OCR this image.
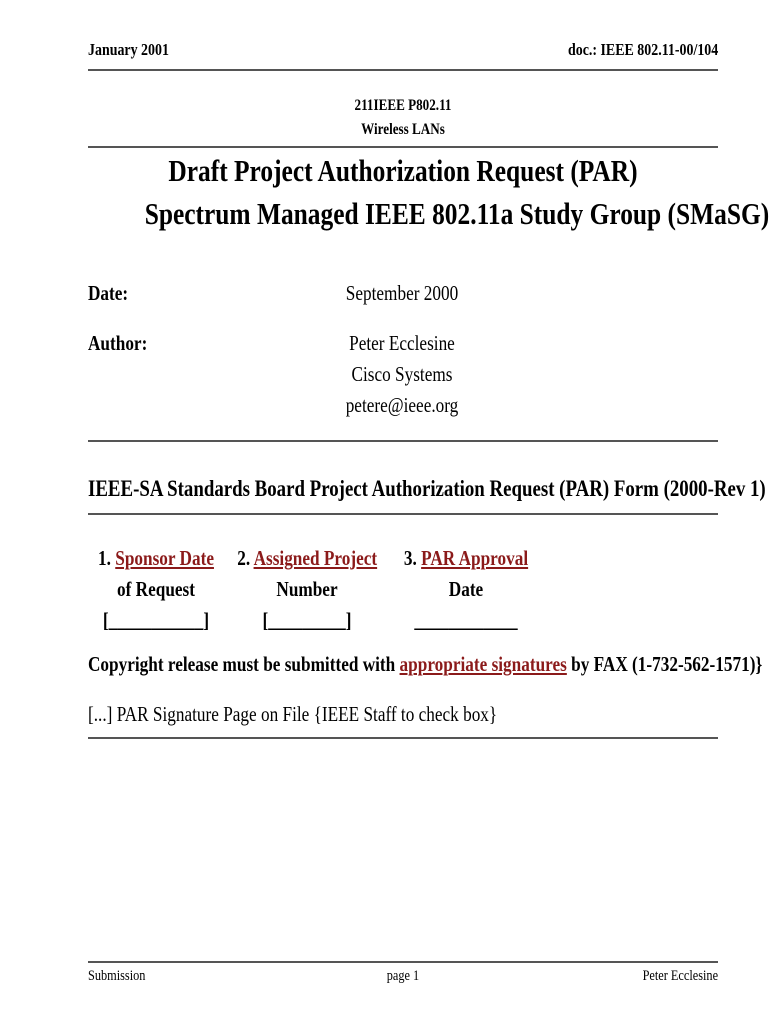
January 2001	doc.: IEEE 802.11-00/104
211IEEE P802.11
Wireless LANs
Draft Project Authorization Request (PAR)
Spectrum Managed IEEE 802.11a Study Group (SMaSG)
Date:	September 2000
Author:	Peter Ecclesine
Cisco Systems
petere@ieee.org
IEEE-SA Standards Board Project Authorization Request (PAR) Form (2000-Rev 1)
1. Sponsor Date
of Request
[___________]
2. Assigned Project
Number
[_________]
3. PAR Approval
Date
____________
Copyright release must be submitted with appropriate signatures by FAX (1-732-562-1571)}
[...] PAR Signature Page on File {IEEE Staff to check box}
Submission	page 1	Peter Ecclesine
